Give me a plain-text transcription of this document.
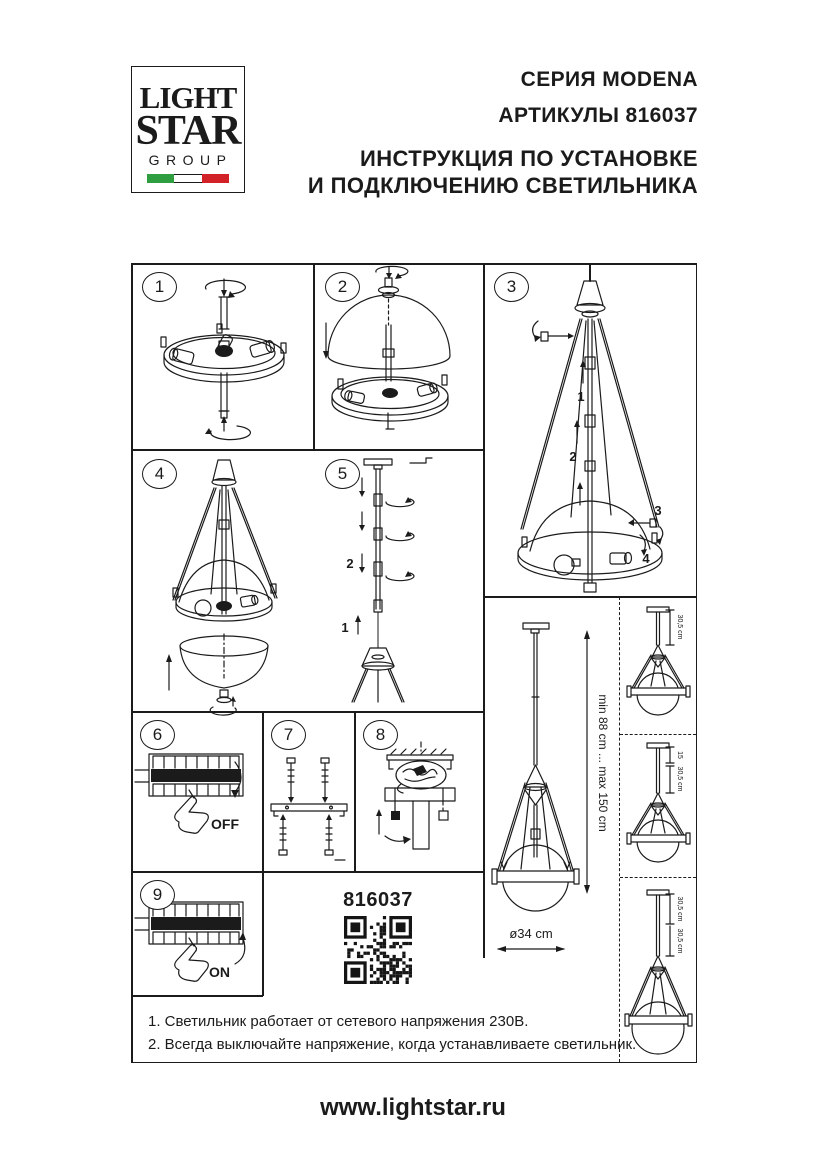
LIGHT
STAR
GROUP
СЕРИЯ MODENA
АРТИКУЛЫ 816037
ИНСТРУКЦИЯ ПО УСТАНОВКЕ
И ПОДКЛЮЧЕНИЮ СВЕТИЛЬНИКА
1	2	3
4	5
6	7	8
9
1
2
3
4
2
1
OFF
ON
816037
min 88 cm ... max 150 cm
ø34 cm
30,5 cm
15
30,5 cm
30,5 cm
30,5 cm
1. Светильник работает от сетевого напряжения 230В.
2. Всегда выключайте напряжение, когда устанавливаете светильник.
www.lightstar.ru
